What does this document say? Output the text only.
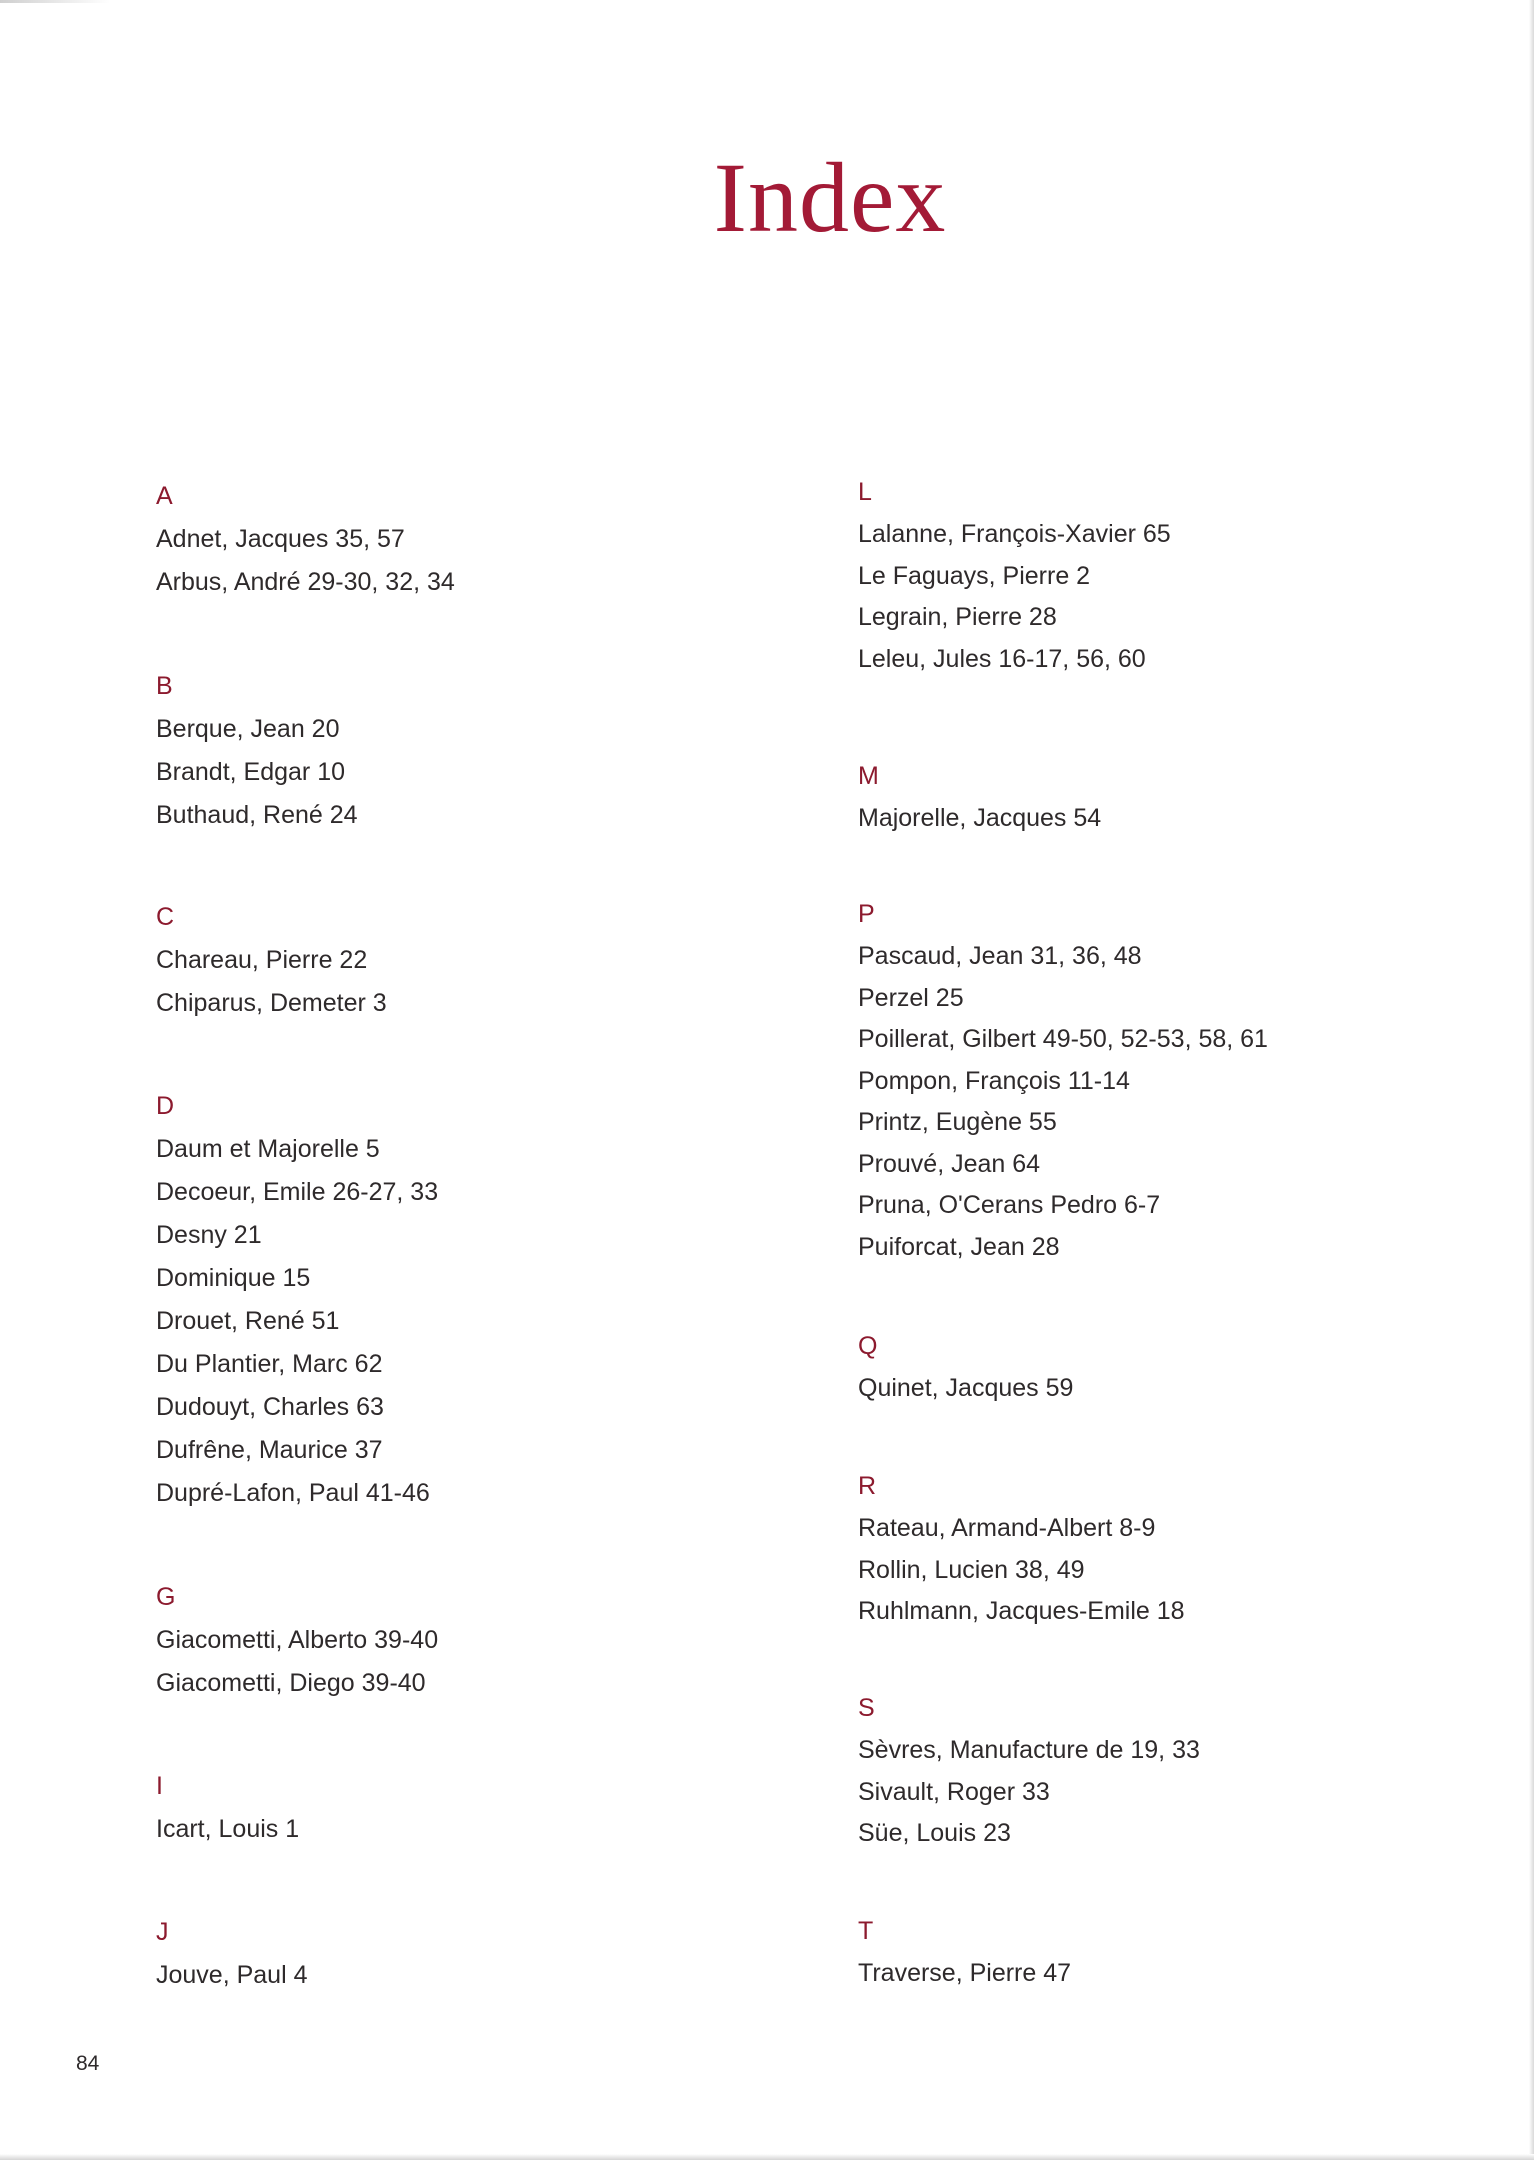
Index
A
Adnet, Jacques 35, 57
Arbus, André 29-30, 32, 34
B
Berque, Jean 20
Brandt, Edgar 10
Buthaud, René 24
C
Chareau, Pierre 22
Chiparus, Demeter 3
D
Daum et Majorelle 5
Decoeur, Emile 26-27, 33
Desny 21
Dominique 15
Drouet, René 51
Du Plantier, Marc 62
Dudouyt, Charles 63
Dufrêne, Maurice 37
Dupré-Lafon, Paul 41-46
G
Giacometti, Alberto 39-40
Giacometti, Diego 39-40
I
Icart, Louis 1
J
Jouve, Paul 4
L
Lalanne, François-Xavier 65
Le Faguays, Pierre 2
Legrain, Pierre 28
Leleu, Jules 16-17, 56, 60
M
Majorelle, Jacques 54
P
Pascaud, Jean 31, 36, 48
Perzel 25
Poillerat, Gilbert 49-50, 52-53, 58, 61
Pompon, François 11-14
Printz, Eugène 55
Prouvé, Jean 64
Pruna, O'Cerans Pedro 6-7
Puiforcat, Jean 28
Q
Quinet, Jacques 59
R
Rateau, Armand-Albert 8-9
Rollin, Lucien 38, 49
Ruhlmann, Jacques-Emile 18
S
Sèvres, Manufacture de 19, 33
Sivault, Roger 33
Süe, Louis 23
T
Traverse, Pierre 47
84
